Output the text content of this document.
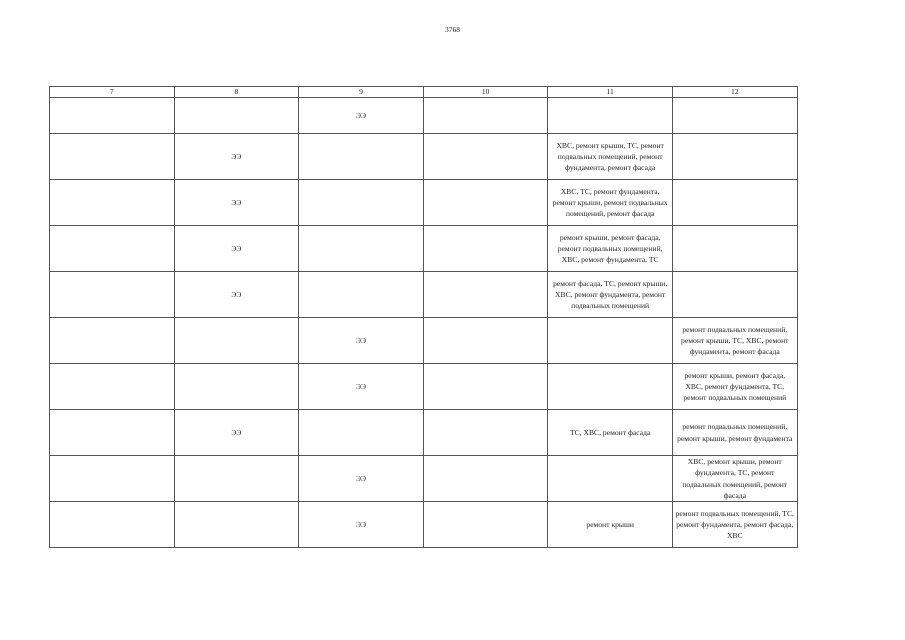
3768
7	8	9	10	11	12
		ЭЭ			
	ЭЭ			ХВС, ремонт крыши, ТС, ремонт подвальных помещений, ремонт фундамента, ремонт фасада	
	ЭЭ			ХВС, ТС, ремонт фундамента, ремонт крыши, ремонт подвальных помещений, ремонт фасада	
	ЭЭ			ремонт крыши, ремонт фасада, ремонт подвальных помещений, ХВС, ремонт фундамента, ТС	
	ЭЭ			ремонт фасада, ТС, ремонт крыши, ХВС, ремонт фундамента, ремонт подвальных помещений	
		ЭЭ			ремонт подвальных помещений, ремонт крыши, ТС, ХВС, ремонт фундамента, ремонт фасада
		ЭЭ			ремонт крыши, ремонт фасада, ХВС, ремонт фундамента, ТС, ремонт подвальных помещений
	ЭЭ			ТС, ХВС, ремонт фасада	ремонт подвальных помещений, ремонт крыши, ремонт фундамента
		ЭЭ			ХВС, ремонт крыши, ремонт фундамента, ТС, ремонт подвальных помещений, ремонт фасада
		ЭЭ		ремонт крыши	ремонт подвальных помещений, ТС, ремонт фундамента, ремонт фасада, ХВС
